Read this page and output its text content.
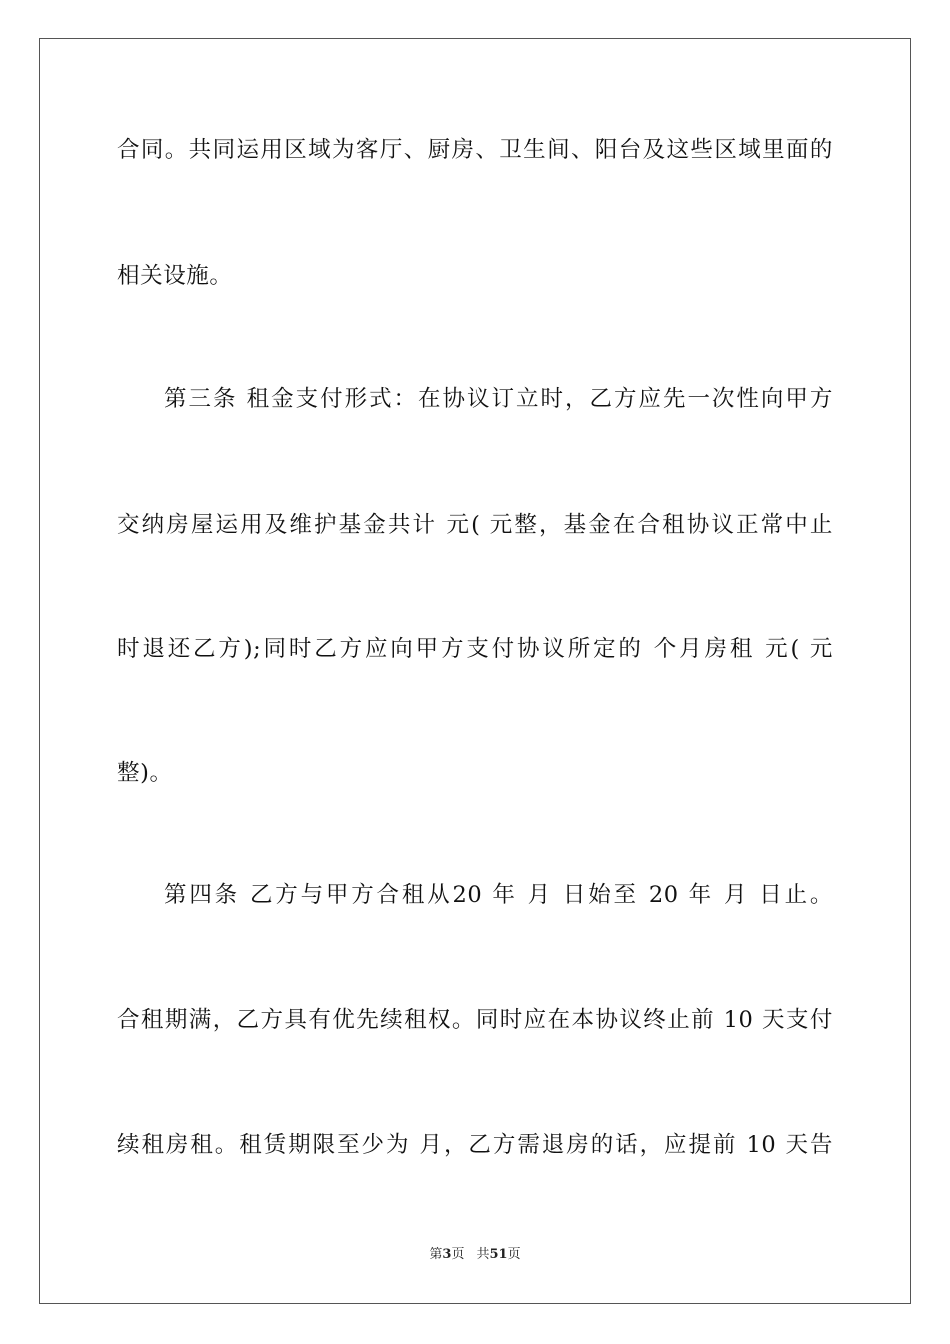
合同。共同运用区域为客厅、厨房、卫生间、阳台及这些区域里面的
相关设施。
第三条 租金支付形式：在协议订立时，乙方应先一次性向甲方
交纳房屋运用及维护基金共计 元( 元整，基金在合租协议正常中止
时退还乙方);同时乙方应向甲方支付协议所定的 个月房租 元( 元
整)。
第四条 乙方与甲方合租从20 年 月 日始至 20 年 月 日止。
合租期满，乙方具有优先续租权。同时应在本协议终止前 10 天支付
续租房租。租赁期限至少为 月，乙方需退房的话，应提前 10 天告
第3页 共51页
